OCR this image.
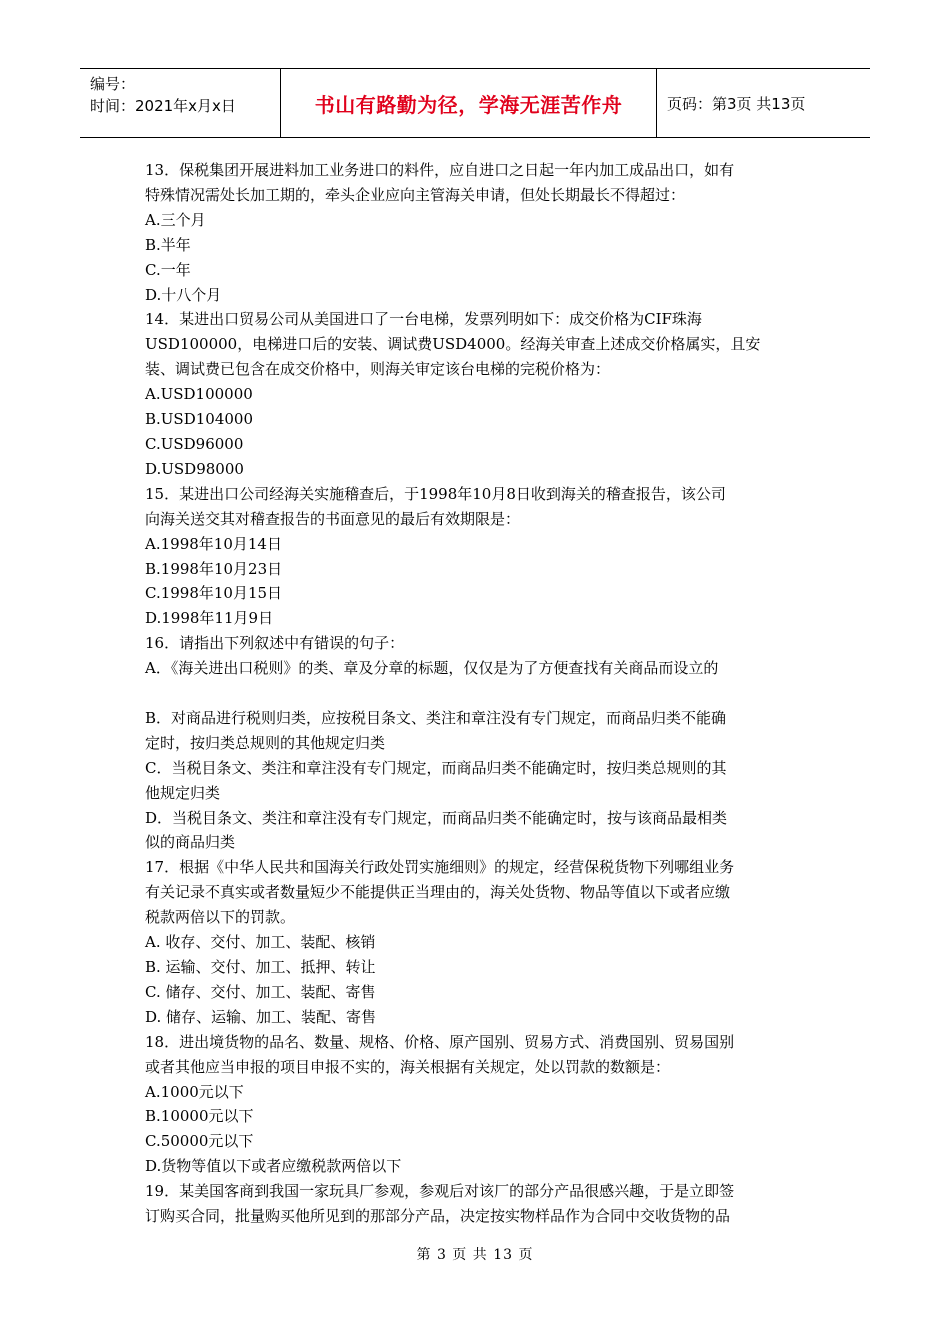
编号：
时间：2021年x月x日	书山有路勤为径，学海无涯苦作舟	页码：第3页 共13页

13．保税集团开展进料加工业务进口的料件，应自进口之日起一年内加工成品出口，如有

特殊情况需处长加工期的，牵头企业应向主管海关申请，但处长期最长不得超过：

A.三个月

B.半年

C.一年

D.十八个月

14．某进出口贸易公司从美国进口了一台电梯，发票列明如下：成交价格为CIF珠海

USD100000，电梯进口后的安装、调试费USD4000。经海关审查上述成交价格属实，且安

装、调试费已包含在成交价格中，则海关审定该台电梯的完税价格为：

A.USD100000

B.USD104000

C.USD96000

D.USD98000

15．某进出口公司经海关实施稽查后，于1998年10月8日收到海关的稽查报告，该公司

向海关送交其对稽查报告的书面意见的最后有效期限是：

A.1998年10月14日

B.1998年10月23日

C.1998年10月15日

D.1998年11月9日

16．请指出下列叙述中有错误的句子：

A．《海关进出口税则》的类、章及分章的标题，仅仅是为了方便查找有关商品而设立的

B．对商品进行税则归类，应按税目条文、类注和章注没有专门规定，而商品归类不能确

定时，按归类总规则的其他规定归类

C．当税目条文、类注和章注没有专门规定，而商品归类不能确定时，按归类总规则的其

他规定归类

D．当税目条文、类注和章注没有专门规定，而商品归类不能确定时，按与该商品最相类

似的商品归类

17．根据《中华人民共和国海关行政处罚实施细则》的规定，经营保税货物下列哪组业务

有关记录不真实或者数量短少不能提供正当理由的，海关处货物、物品等值以下或者应缴

税款两倍以下的罚款。

A. 收存、交付、加工、装配、核销

B. 运输、交付、加工、抵押、转让

C. 储存、交付、加工、装配、寄售

D. 储存、运输、加工、装配、寄售

18．进出境货物的品名、数量、规格、价格、原产国别、贸易方式、消费国别、贸易国别

或者其他应当申报的项目申报不实的，海关根据有关规定，处以罚款的数额是：

A.1000元以下

B.10000元以下

C.50000元以下

D.货物等值以下或者应缴税款两倍以下

19．某美国客商到我国一家玩具厂参观，参观后对该厂的部分产品很感兴趣，于是立即签

订购买合同，批量购买他所见到的那部分产品，决定按实物样品作为合同中交收货物的品

第 3 页 共 13 页
